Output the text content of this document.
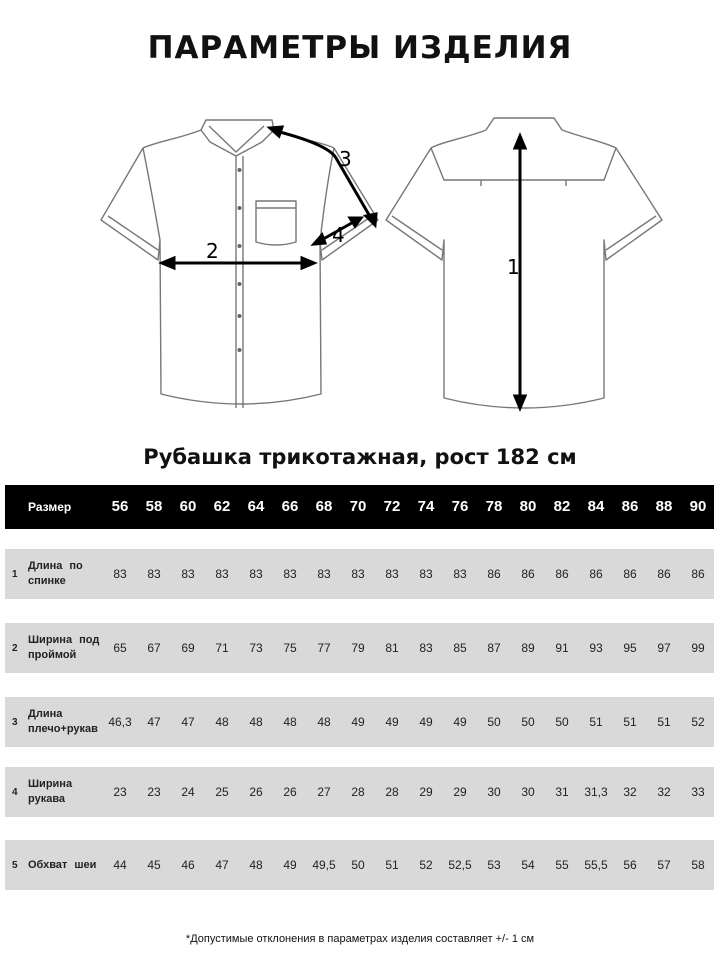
ПАРАМЕТРЫ ИЗДЕЛИЯ
1
2
3
4
Рубашка трикотажная, рост 182 см
Размер	56	58	60	62	64	66	68	70	72	74	76	78	80	82	84	86	88	90
1
Длина по спинке	83	83	83	83	83	83	83	83	83	83	83	86	86	86	86	86	86	86
2
Ширина под проймой	65	67	69	71	73	75	77	79	81	83	85	87	89	91	93	95	97	99
3
Длина плечо+рукав 46,3	47	47	48	48	48	48	49	49	49	49	50	50	50	51	51	51	52
4
Ширина рукава	23	23	24	25	26	26	27	28	28	29	29	30	30	31	31,3	32	32	33
5 Обхват шеи	44	45	46	47	48	49	49,5	50	51	52	52,5	53	54	55	55,5	56	57	58
*Допустимые отклонения в параметрах изделия составляет +/- 1 см
